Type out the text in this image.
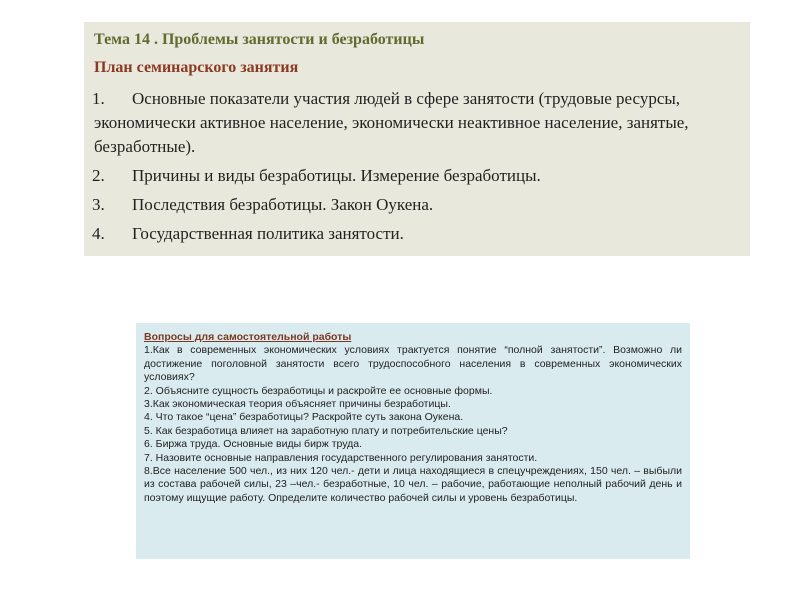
Тема 14 . Проблемы занятости и безработицы
План семинарского занятия
1. Основные показатели участия людей в сфере занятости (трудовые ресурсы, экономически активное население, экономически неактивное население, занятые, безработные).
2. Причины и виды безработицы. Измерение безработицы.
3. Последствия безработицы. Закон Оукена.
4. Государственная политика занятости.
Вопросы для самостоятельной работы
1.Как в современных экономических условиях трактуется понятие “полной занятости”. Возможно ли достижение поголовной занятости всего трудоспособного населения в современных экономических условиях?
2. Объясните сущность безработицы и раскройте ее основные формы.
3.Как экономическая теория объясняет причины безработицы.
4. Что такое “цена” безработицы? Раскройте суть закона Оукена.
5. Как безработица влияет на заработную плату и потребительские цены?
6. Биржа труда. Основные виды бирж труда.
7. Назовите основные направления государственного регулирования занятости.
8.Все население 500 чел., из них 120 чел.- дети и лица находящиеся в спецучреждениях, 150 чел. – выбыли из состава рабочей силы, 23 –чел.- безработные, 10 чел. – рабочие, работающие неполный рабочий день и поэтому ищущие работу. Определите количество рабочей силы и уровень безработицы.
